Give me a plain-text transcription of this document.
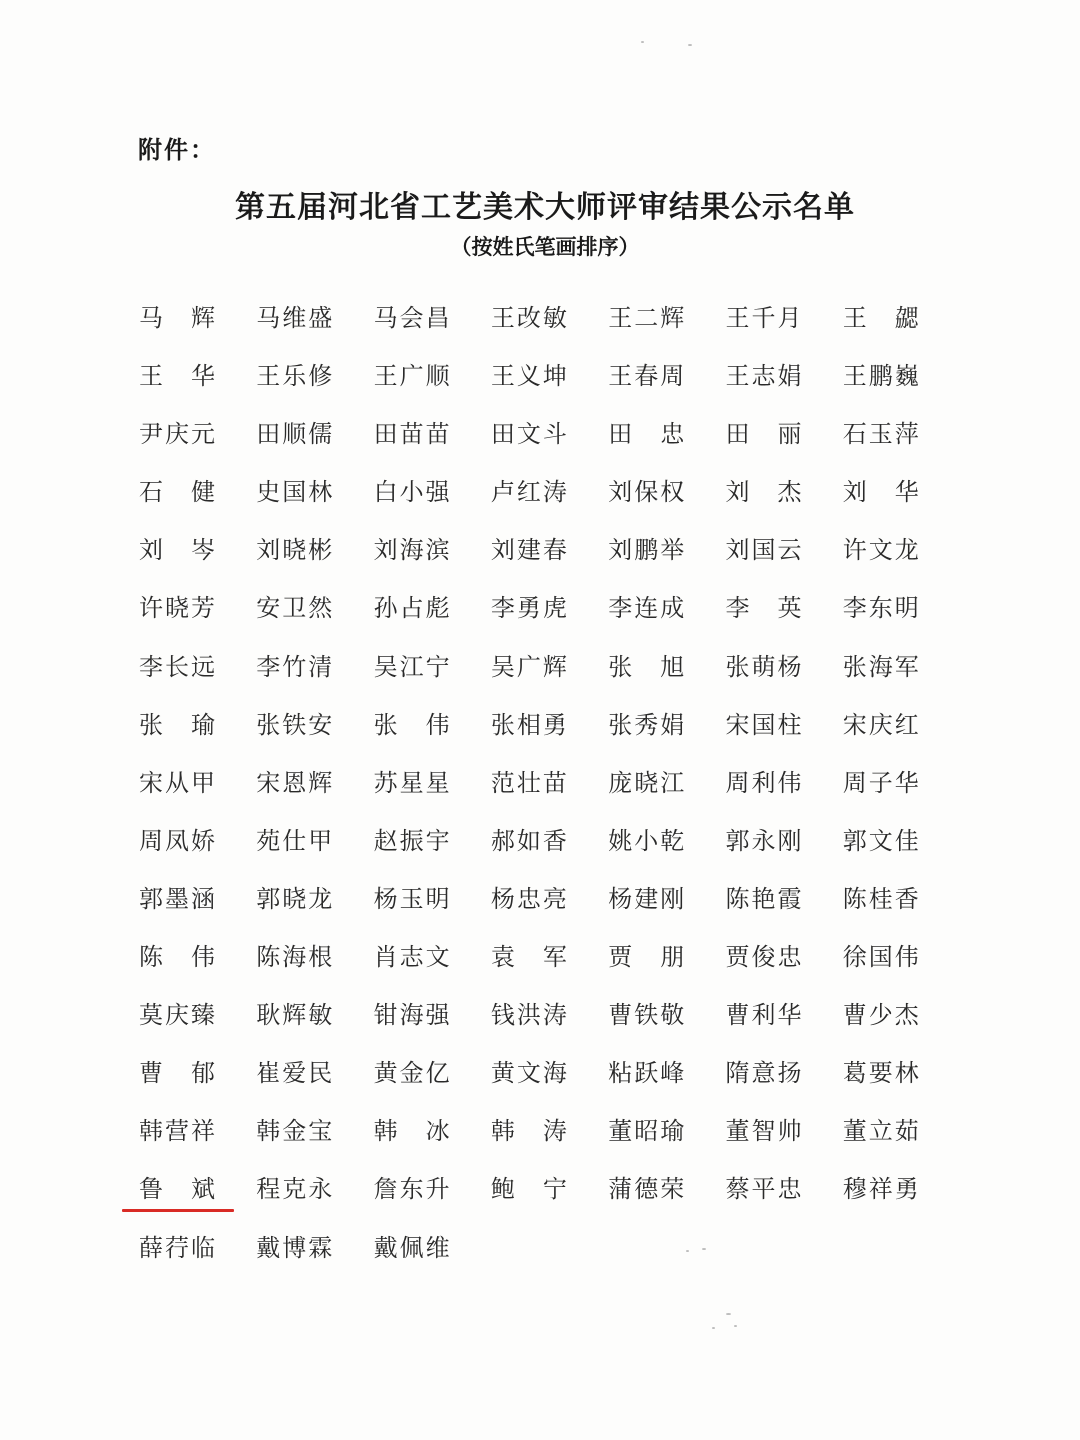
附件：
第五届河北省工艺美术大师评审结果公示名单
（按姓氏笔画排序）
马 辉 马 维 盛 马 会 昌 王 改 敏 王 二 辉 王 千 月 王 勰
王 华 王 乐 修 王 广 顺 王 义 坤 王 春 周 王 志 娟 王 鹏 巍
尹 庆 元 田 顺 儒 田 苗 苗 田 文 斗 田 忠 田 丽 石 玉 萍
石 健 史 国 林 白 小 强 卢 红 涛 刘 保 权 刘 杰 刘 华
刘 岑 刘 晓 彬 刘 海 滨 刘 建 春 刘 鹏 举 刘 国 云 许 文 龙
许 晓 芳 安 卫 然 孙 占 彪 李 勇 虎 李 连 成 李 英 李 东 明
李 长 远 李 竹 清 吴 江 宁 吴 广 辉 张 旭 张 萌 杨 张 海 军
张 瑜 张 铁 安 张 伟 张 相 勇 张 秀 娟 宋 国 柱 宋 庆 红
宋 从 甲 宋 恩 辉 苏 星 星 范 壮 苗 庞 晓 江 周 利 伟 周 子 华
周 凤 娇 苑 仕 甲 赵 振 宇 郝 如 香 姚 小 乾 郭 永 刚 郭 文 佳
郭 墨 涵 郭 晓 龙 杨 玉 明 杨 忠 亮 杨 建 刚 陈 艳 霞 陈 桂 香
陈 伟 陈 海 根 肖 志 文 袁 军 贾 朋 贾 俊 忠 徐 国 伟
莫 庆 臻 耿 辉 敏 钳 海 强 钱 洪 涛 曹 铁 敬 曹 利 华 曹 少 杰
曹 郁 崔 爱 民 黄 金 亿 黄 文 海 粘 跃 峰 隋 意 扬 葛 要 林
韩 营 祥 韩 金 宝 韩 冰 韩 涛 董 昭 瑜 董 智 帅 董 立 茹
鲁 斌 程 克 永 詹 东 升 鲍 宁 蒲 德 荣 蔡 平 忠 穆 祥 勇
薛 荇 临 戴 博 霖 戴 佩 维
